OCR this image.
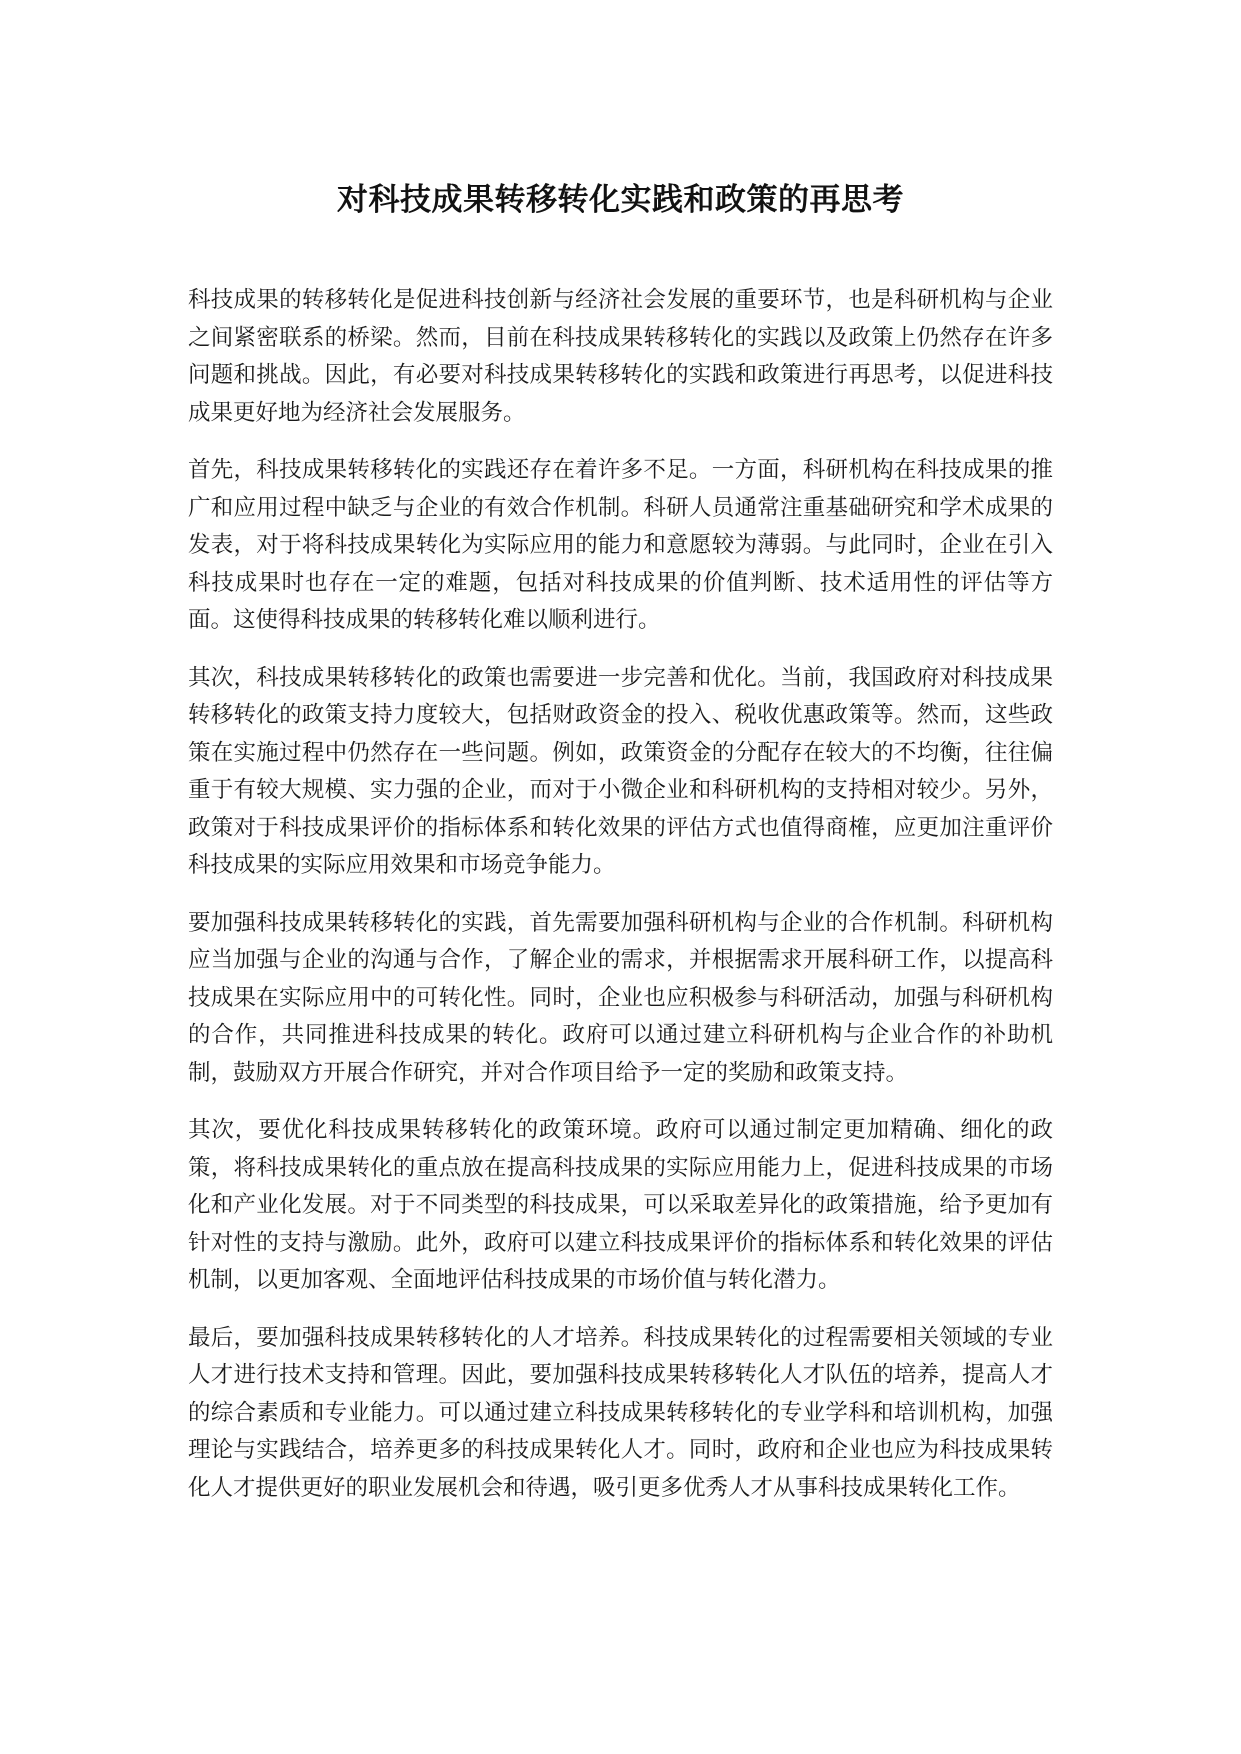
对科技成果转移转化实践和政策的再思考

科技成果的转移转化是促进科技创新与经济社会发展的重要环节，也是科研机构与企业之间紧密联系的桥梁。然而，目前在科技成果转移转化的实践以及政策上仍然存在许多问题和挑战。因此，有必要对科技成果转移转化的实践和政策进行再思考，以促进科技成果更好地为经济社会发展服务。

首先，科技成果转移转化的实践还存在着许多不足。一方面，科研机构在科技成果的推广和应用过程中缺乏与企业的有效合作机制。科研人员通常注重基础研究和学术成果的发表，对于将科技成果转化为实际应用的能力和意愿较为薄弱。与此同时，企业在引入科技成果时也存在一定的难题，包括对科技成果的价值判断、技术适用性的评估等方面。这使得科技成果的转移转化难以顺利进行。

其次，科技成果转移转化的政策也需要进一步完善和优化。当前，我国政府对科技成果转移转化的政策支持力度较大，包括财政资金的投入、税收优惠政策等。然而，这些政策在实施过程中仍然存在一些问题。例如，政策资金的分配存在较大的不均衡，往往偏重于有较大规模、实力强的企业，而对于小微企业和科研机构的支持相对较少。另外，政策对于科技成果评价的指标体系和转化效果的评估方式也值得商榷，应更加注重评价科技成果的实际应用效果和市场竞争能力。

要加强科技成果转移转化的实践，首先需要加强科研机构与企业的合作机制。科研机构应当加强与企业的沟通与合作，了解企业的需求，并根据需求开展科研工作，以提高科技成果在实际应用中的可转化性。同时，企业也应积极参与科研活动，加强与科研机构的合作，共同推进科技成果的转化。政府可以通过建立科研机构与企业合作的补助机制，鼓励双方开展合作研究，并对合作项目给予一定的奖励和政策支持。

其次，要优化科技成果转移转化的政策环境。政府可以通过制定更加精确、细化的政策，将科技成果转化的重点放在提高科技成果的实际应用能力上，促进科技成果的市场化和产业化发展。对于不同类型的科技成果，可以采取差异化的政策措施，给予更加有针对性的支持与激励。此外，政府可以建立科技成果评价的指标体系和转化效果的评估机制，以更加客观、全面地评估科技成果的市场价值与转化潜力。

最后，要加强科技成果转移转化的人才培养。科技成果转化的过程需要相关领域的专业人才进行技术支持和管理。因此，要加强科技成果转移转化人才队伍的培养，提高人才的综合素质和专业能力。可以通过建立科技成果转移转化的专业学科和培训机构，加强理论与实践结合，培养更多的科技成果转化人才。同时，政府和企业也应为科技成果转化人才提供更好的职业发展机会和待遇，吸引更多优秀人才从事科技成果转化工作。
